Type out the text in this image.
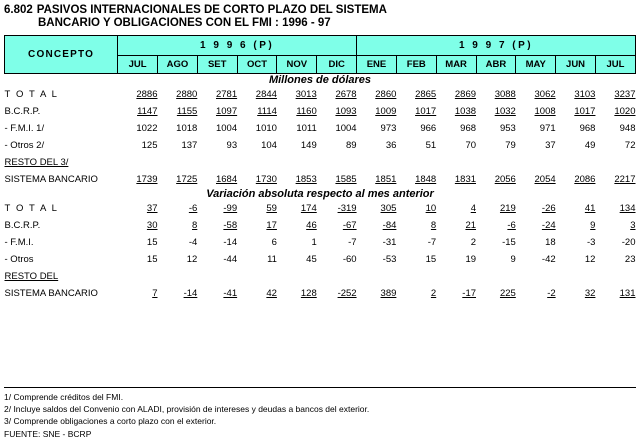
6.802 PASIVOS INTERNACIONALES DE CORTO PLAZO DEL SISTEMA
BANCARIO Y OBLIGACIONES CON EL FMI : 1996 - 97
CONCEPTO	1 9 9 6 (P)						1 9 9 7 (P)						
	JUL	AGO	SET	OCT	NOV	DIC	ENE	FEB	MAR	ABR	MAY	JUN	JUL
Millones de dólares													
T O T A L	2886	2880	2781	2844	3013	2678	2860	2865	2869	3088	3062	3103	3237
B.C.R.P.	1147	1155	1097	1114	1160	1093	1009	1017	1038	1032	1008	1017	1020
- F.M.I. 1/	1022	1018	1004	1010	1011	1004	973	966	968	953	971	968	948
- Otros 2/	125	137	93	104	149	89	36	51	70	79	37	49	72
RESTO DEL 3/													
SISTEMA BANCARIO	1739	1725	1684	1730	1853	1585	1851	1848	1831	2056	2054	2086	2217
Variación absoluta respecto al mes anterior													
T O T A L	37	-6	-99	59	174	-319	305	10	4	219	-26	41	134
B.C.R.P.	30	8	-58	17	46	-67	-84	8	21	-6	-24	9	3
- F.M.I.	15	-4	-14	6	1	-7	-31	-7	2	-15	18	-3	-20
- Otros	15	12	-44	11	45	-60	-53	15	19	9	-42	12	23
RESTO DEL													
SISTEMA BANCARIO	7	-14	-41	42	128	-252	389	2	-17	225	-2	32	131
1/ Comprende créditos del FMI.
2/ Incluye saldos del Convenio con ALADI, provisión de intereses y deudas a bancos del exterior.
3/ Comprende obligaciones a corto plazo con el exterior.
FUENTE: SNE - BCRP
